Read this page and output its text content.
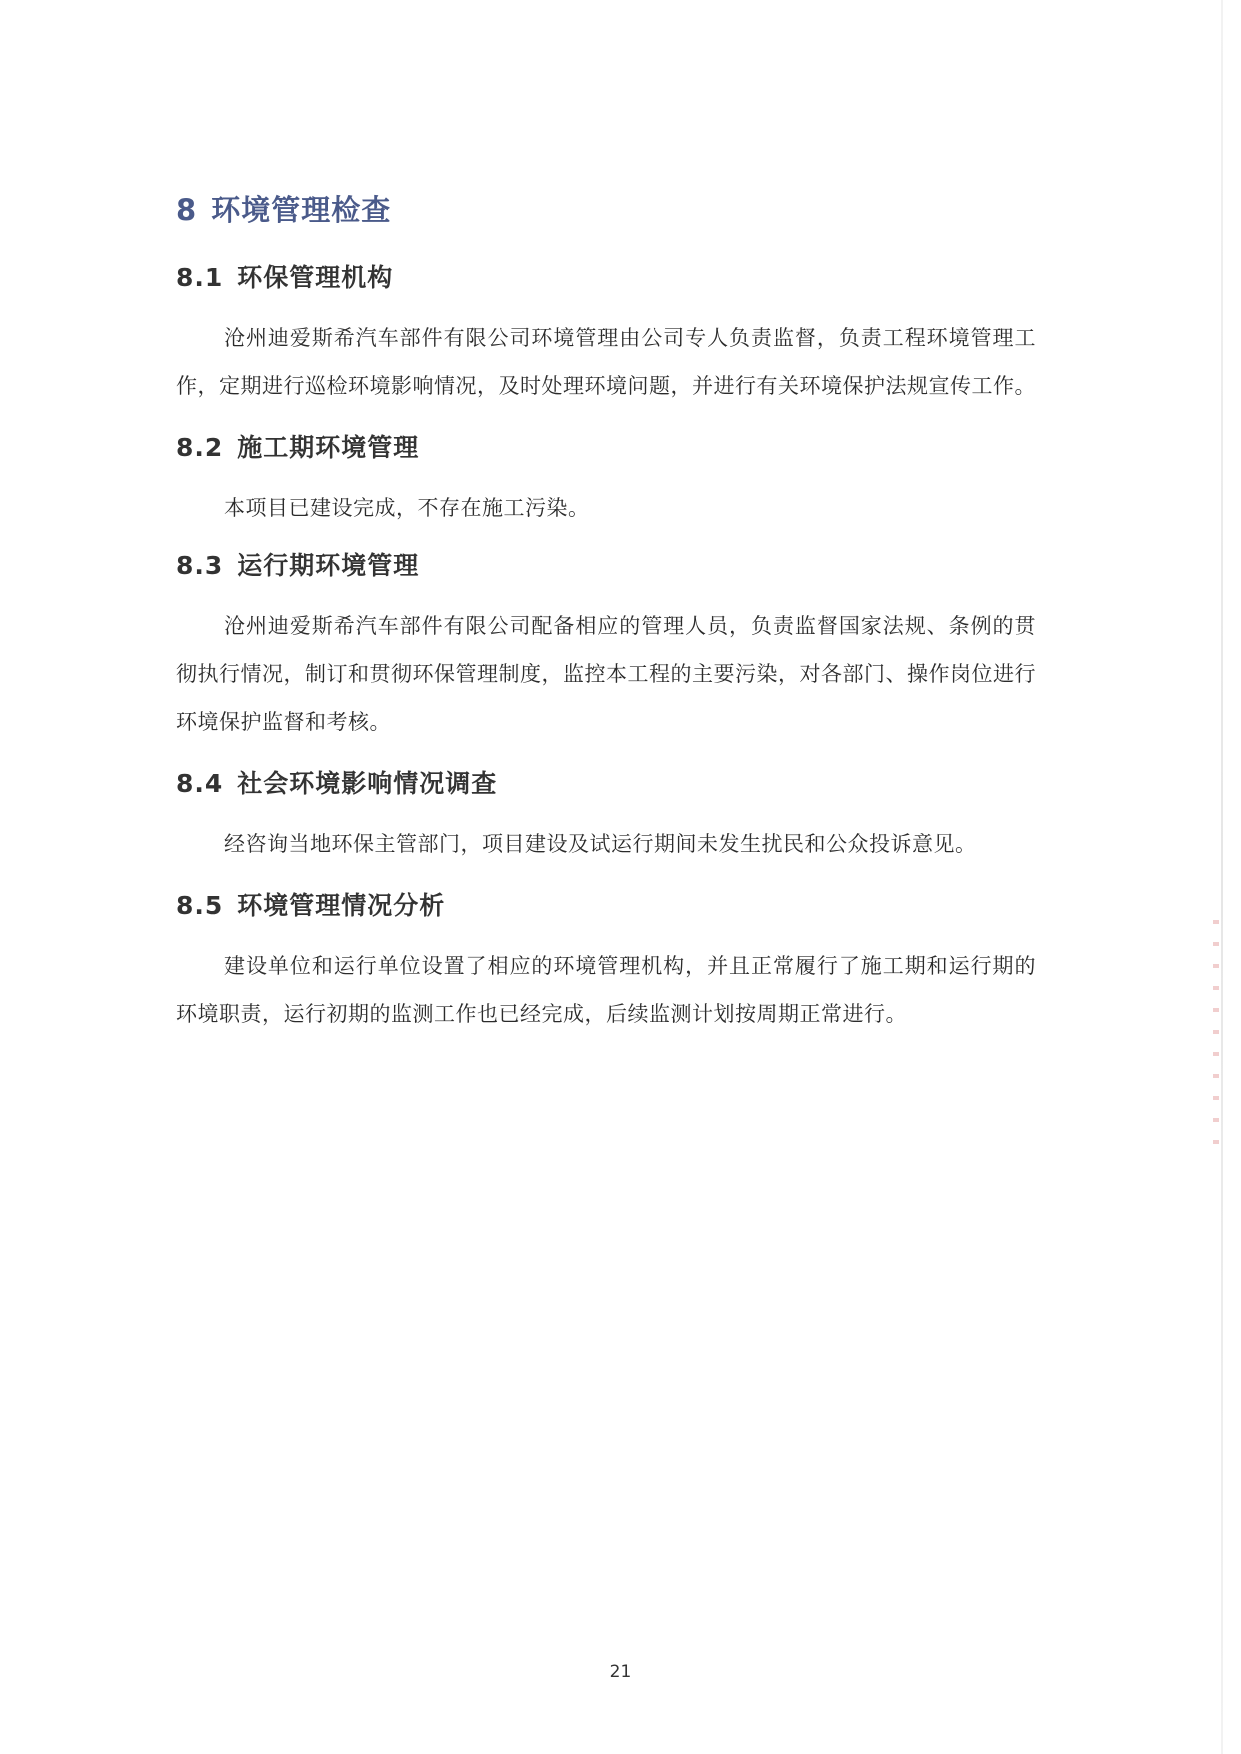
8 环境管理检查
8.1 环保管理机构

沧州迪爱斯希汽车部件有限公司环境管理由公司专人负责监督，负责工程环境管理工作，定期进行巡检环境影响情况，及时处理环境问题，并进行有关环境保护法规宣传工作。

8.2 施工期环境管理

本项目已建设完成，不存在施工污染。

8.3 运行期环境管理

沧州迪爱斯希汽车部件有限公司配备相应的管理人员，负责监督国家法规、条例的贯彻执行情况，制订和贯彻环保管理制度，监控本工程的主要污染，对各部门、操作岗位进行环境保护监督和考核。

8.4 社会环境影响情况调查

经咨询当地环保主管部门，项目建设及试运行期间未发生扰民和公众投诉意见。

8.5 环境管理情况分析

建设单位和运行单位设置了相应的环境管理机构，并且正常履行了施工期和运行期的环境职责，运行初期的监测工作也已经完成，后续监测计划按周期正常进行。

21
